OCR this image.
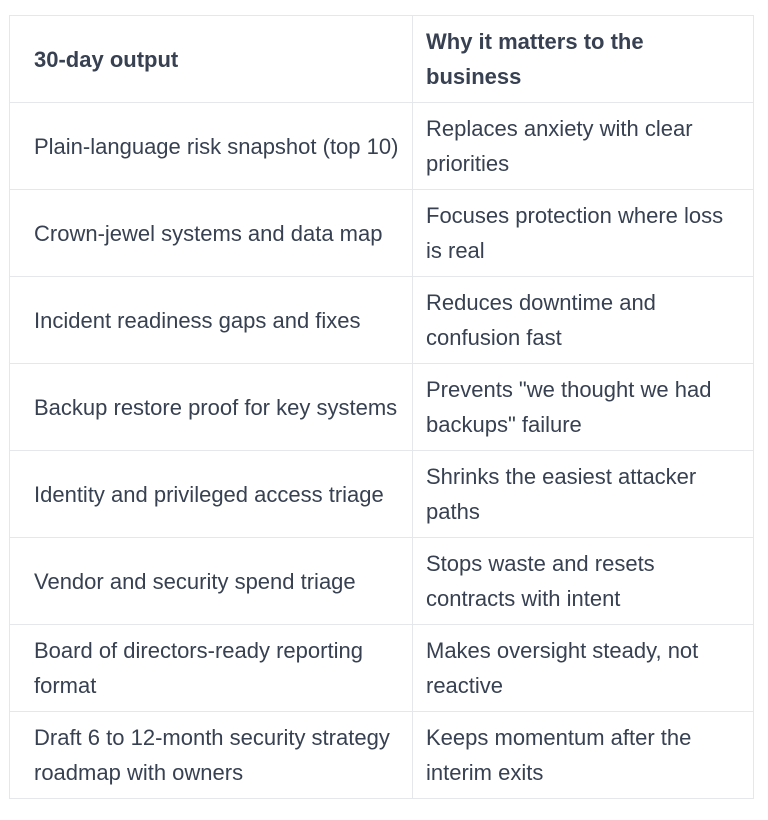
30-day output	Why it matters to the business
Plain-language risk snapshot (top 10)	Replaces anxiety with clear priorities
Crown-jewel systems and data map	Focuses protection where loss is real
Incident readiness gaps and fixes	Reduces downtime and confusion fast
Backup restore proof for key systems	Prevents "we thought we had backups" failure
Identity and privileged access triage	Shrinks the easiest attacker paths
Vendor and security spend triage	Stops waste and resets contracts with intent
Board of directors-ready reporting format	Makes oversight steady, not reactive
Draft 6 to 12-month security strategy roadmap with owners	Keeps momentum after the interim exits
